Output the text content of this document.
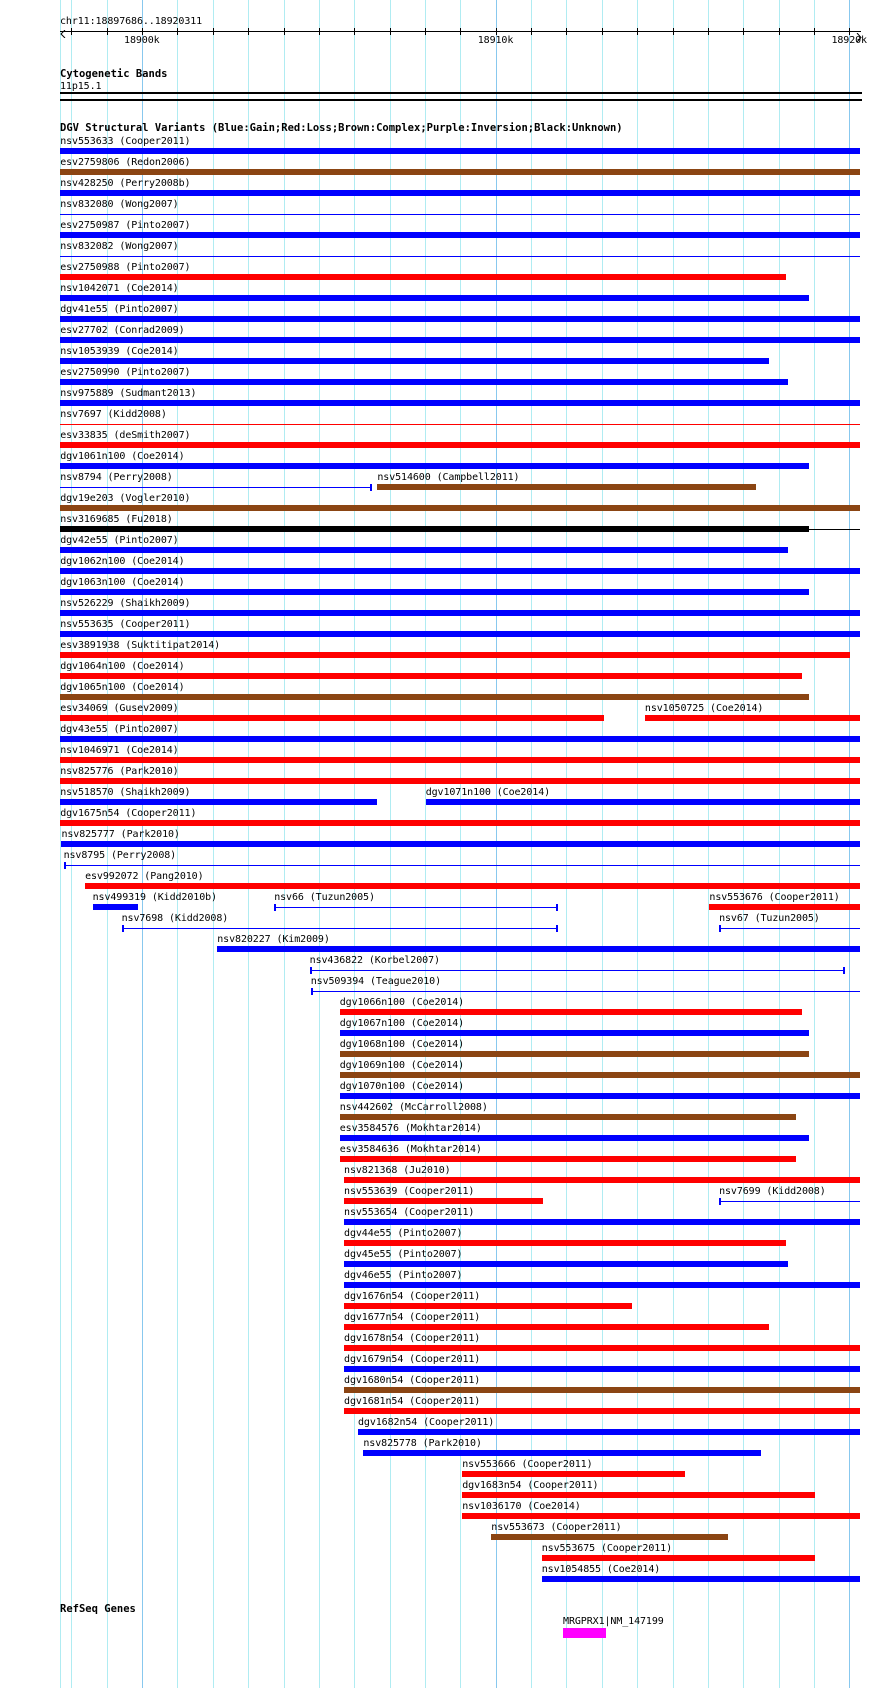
chr11:18897686..18920311
18900k	18910k	18920k
Cytogenetic Bands
11p15.1
DGV Structural Variants (Blue:Gain;Red:Loss;Brown:Complex;Purple:Inversion;Black:Unknown)
nsv553633 (Cooper2011)
esv2759806 (Redon2006)
nsv428250 (Perry2008b)
nsv832080 (Wong2007)
esv2750987 (Pinto2007)
nsv832082 (Wong2007)
esv2750988 (Pinto2007)
nsv1042071 (Coe2014)
dgv41e55 (Pinto2007)
esv27702 (Conrad2009)
nsv1053939 (Coe2014)
esv2750990 (Pinto2007)
nsv975889 (Sudmant2013)
nsv7697 (Kidd2008)
esv33835 (deSmith2007)
dgv1061n100 (Coe2014)
nsv8794 (Perry2008)	nsv514600 (Campbell2011)
dgv19e203 (Vogler2010)
nsv3169685 (Fu2018)
dgv42e55 (Pinto2007)
dgv1062n100 (Coe2014)
dgv1063n100 (Coe2014)
nsv526229 (Shaikh2009)
nsv553635 (Cooper2011)
esv3891938 (Suktitipat2014)
dgv1064n100 (Coe2014)
dgv1065n100 (Coe2014)
esv34069 (Gusev2009)	nsv1050725 (Coe2014)
dgv43e55 (Pinto2007)
nsv1046971 (Coe2014)
nsv825776 (Park2010)
nsv518570 (Shaikh2009)	dgv1071n100 (Coe2014)
dgv1675n54 (Cooper2011)
nsv825777 (Park2010)
nsv8795 (Perry2008)
esv992072 (Pang2010)
nsv499319 (Kidd2010b)	nsv66 (Tuzun2005)	nsv553676 (Cooper2011)
nsv7698 (Kidd2008)	nsv67 (Tuzun2005)
nsv820227 (Kim2009)
nsv436822 (Korbel2007)
nsv509394 (Teague2010)
dgv1066n100 (Coe2014)
dgv1067n100 (Coe2014)
dgv1068n100 (Coe2014)
dgv1069n100 (Coe2014)
dgv1070n100 (Coe2014)
nsv442602 (McCarroll2008)
esv3584576 (Mokhtar2014)
esv3584636 (Mokhtar2014)
nsv821368 (Ju2010)
nsv553639 (Cooper2011)	nsv7699 (Kidd2008)
nsv553654 (Cooper2011)
dgv44e55 (Pinto2007)
dgv45e55 (Pinto2007)
dgv46e55 (Pinto2007)
dgv1676n54 (Cooper2011)
dgv1677n54 (Cooper2011)
dgv1678n54 (Cooper2011)
dgv1679n54 (Cooper2011)
dgv1680n54 (Cooper2011)
dgv1681n54 (Cooper2011)
dgv1682n54 (Cooper2011)
nsv825778 (Park2010)
nsv553666 (Cooper2011)
dgv1683n54 (Cooper2011)
nsv1036170 (Coe2014)
nsv553673 (Cooper2011)
nsv553675 (Cooper2011)
nsv1054855 (Coe2014)
RefSeq Genes
MRGPRX1|NM_147199
